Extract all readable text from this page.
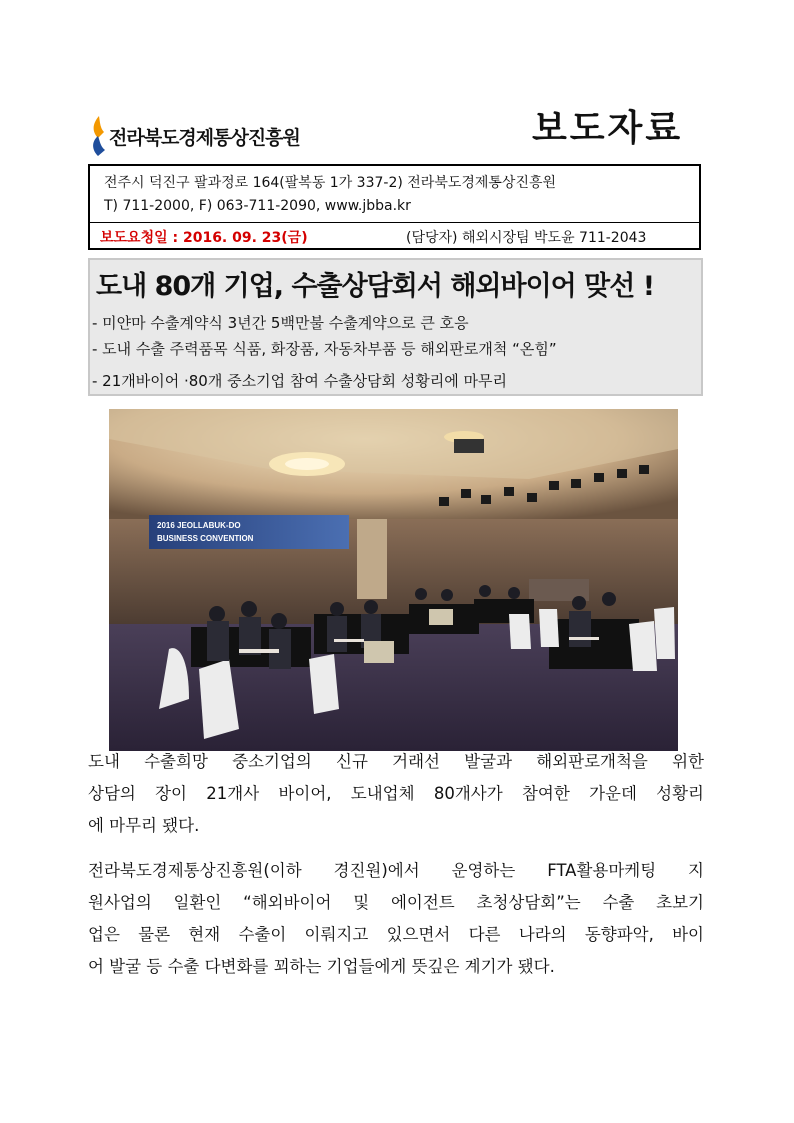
전라북도경제통상진흥원	보도자료
전주시 덕진구 팔과정로 164(팔복동 1가 337-2) 전라북도경제통상진흥원
T) 711-2000, F) 063-711-2090, www.jbba.kr
보도요청일 : 2016. 09. 23(금)	(담당자) 해외시장팀 박도윤 711-2043
도내 80개 기업, 수출상담회서 해외바이어 맞선 !
- 미얀마 수출계약식 3년간 5백만불 수출계약으로 큰 호응
- 도내 수출 주력품목 식품, 화장품, 자동차부품 등 해외판로개척 “온힘”
- 21개바이어 ·80개 중소기업 참여 수출상담회 성황리에 마무리
2016 JEOLLABUK-DO
BUSINESS CONVENTION
도내 수출희망 중소기업의 신규 거래선 발굴과 해외판로개척을 위한
상담의 장이 21개사 바이어, 도내업체 80개사가 참여한 가운데 성황리
에 마무리 됐다.
전라북도경제통상진흥원(이하 경진원)에서 운영하는 FTA활용마케팅 지
원사업의 일환인 “해외바이어 및 에이전트 초청상담회”는 수출 초보기
업은 물론 현재 수출이 이뤄지고 있으면서 다른 나라의 동향파악, 바이
어 발굴 등 수출 다변화를 꾀하는 기업들에게 뜻깊은 계기가 됐다.
